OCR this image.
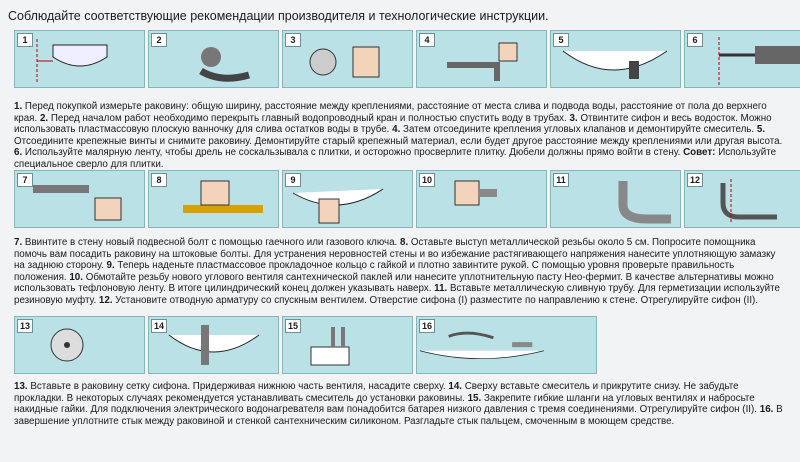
Соблюдайте соответствующие рекомендации производителя и технологические инструкции.
1	2	3	4	5	6
1. Перед покупкой измерьте раковину: общую ширину, расстояние между креплениями, расстояние от места слива и подвода воды, расстояние от пола до верхнего края. 2. Перед началом работ необходимо перекрыть главный водопроводный кран и полностью спустить воду в трубах. 3. Отвинтите сифон и весь водосток. Можно использовать пластмассовую плоскую ванночку для слива остатков воды в трубе. 4. Затем отсоедините крепления угловых клапанов и демонтируйте смеситель. 5. Отсоедините крепежные винты и снимите раковину. Демонтируйте старый крепежный материал, если будет другое расстояние между креплениями или другая высота. 6. Используйте малярную ленту, чтобы дрель не соскальзывала с плитки, и осторожно просверлите плитку. Дюбели должны прямо войти в стену. Совет: Используйте специальное сверло для плитки.
7	8	9	10	11	12
7. Ввинтите в стену новый подвесной болт с помощью гаечного или газового ключа. 8. Оставьте выступ металлической резьбы около 5 см. Попросите помощника помочь вам посадить раковину на штоковые болты. Для устранения неровностей стены и во избежание растягивающего напряжения нанесите уплотняющую замазку на заднюю сторону. 9. Теперь наденьте пластмассовое прокладочное кольцо с гайкой и плотно завинтите рукой. С помощью уровня проверьте правильность положения. 10. Обмотайте резьбу нового углового вентиля сантехнической паклей или нанесите уплотнительную пасту Нео-фермит. В качестве альтернативы можно использовать тефлоновую ленту. В итоге цилиндрический конец должен указывать наверх. 11. Вставьте металлическую сливную трубу. Для герметизации используйте резиновую муфту. 12. Установите отводную арматуру со спускным вентилем. Отверстие сифона (I) разместите по направлению к стене. Отрегулируйте сифон (II).
13	14	15	16
13. Вставьте в раковину сетку сифона. Придерживая нижнюю часть вентиля, насадите сверху. 14. Сверху вставьте смеситель и прикрутите снизу. Не забудьте прокладки. В некоторых случаях рекомендуется устанавливать смеситель до установки раковины. 15. Закрепите гибкие шланги на угловых вентилях и набросьте накидные гайки. Для подключения электрического водонагревателя вам понадобится батарея низкого давления с тремя соединениями. Отрегулируйте сифон (II). 16. В завершение уплотните стык между раковиной и стенкой сантехническим силиконом. Разгладьте стык пальцем, смоченным в моющем средстве.
